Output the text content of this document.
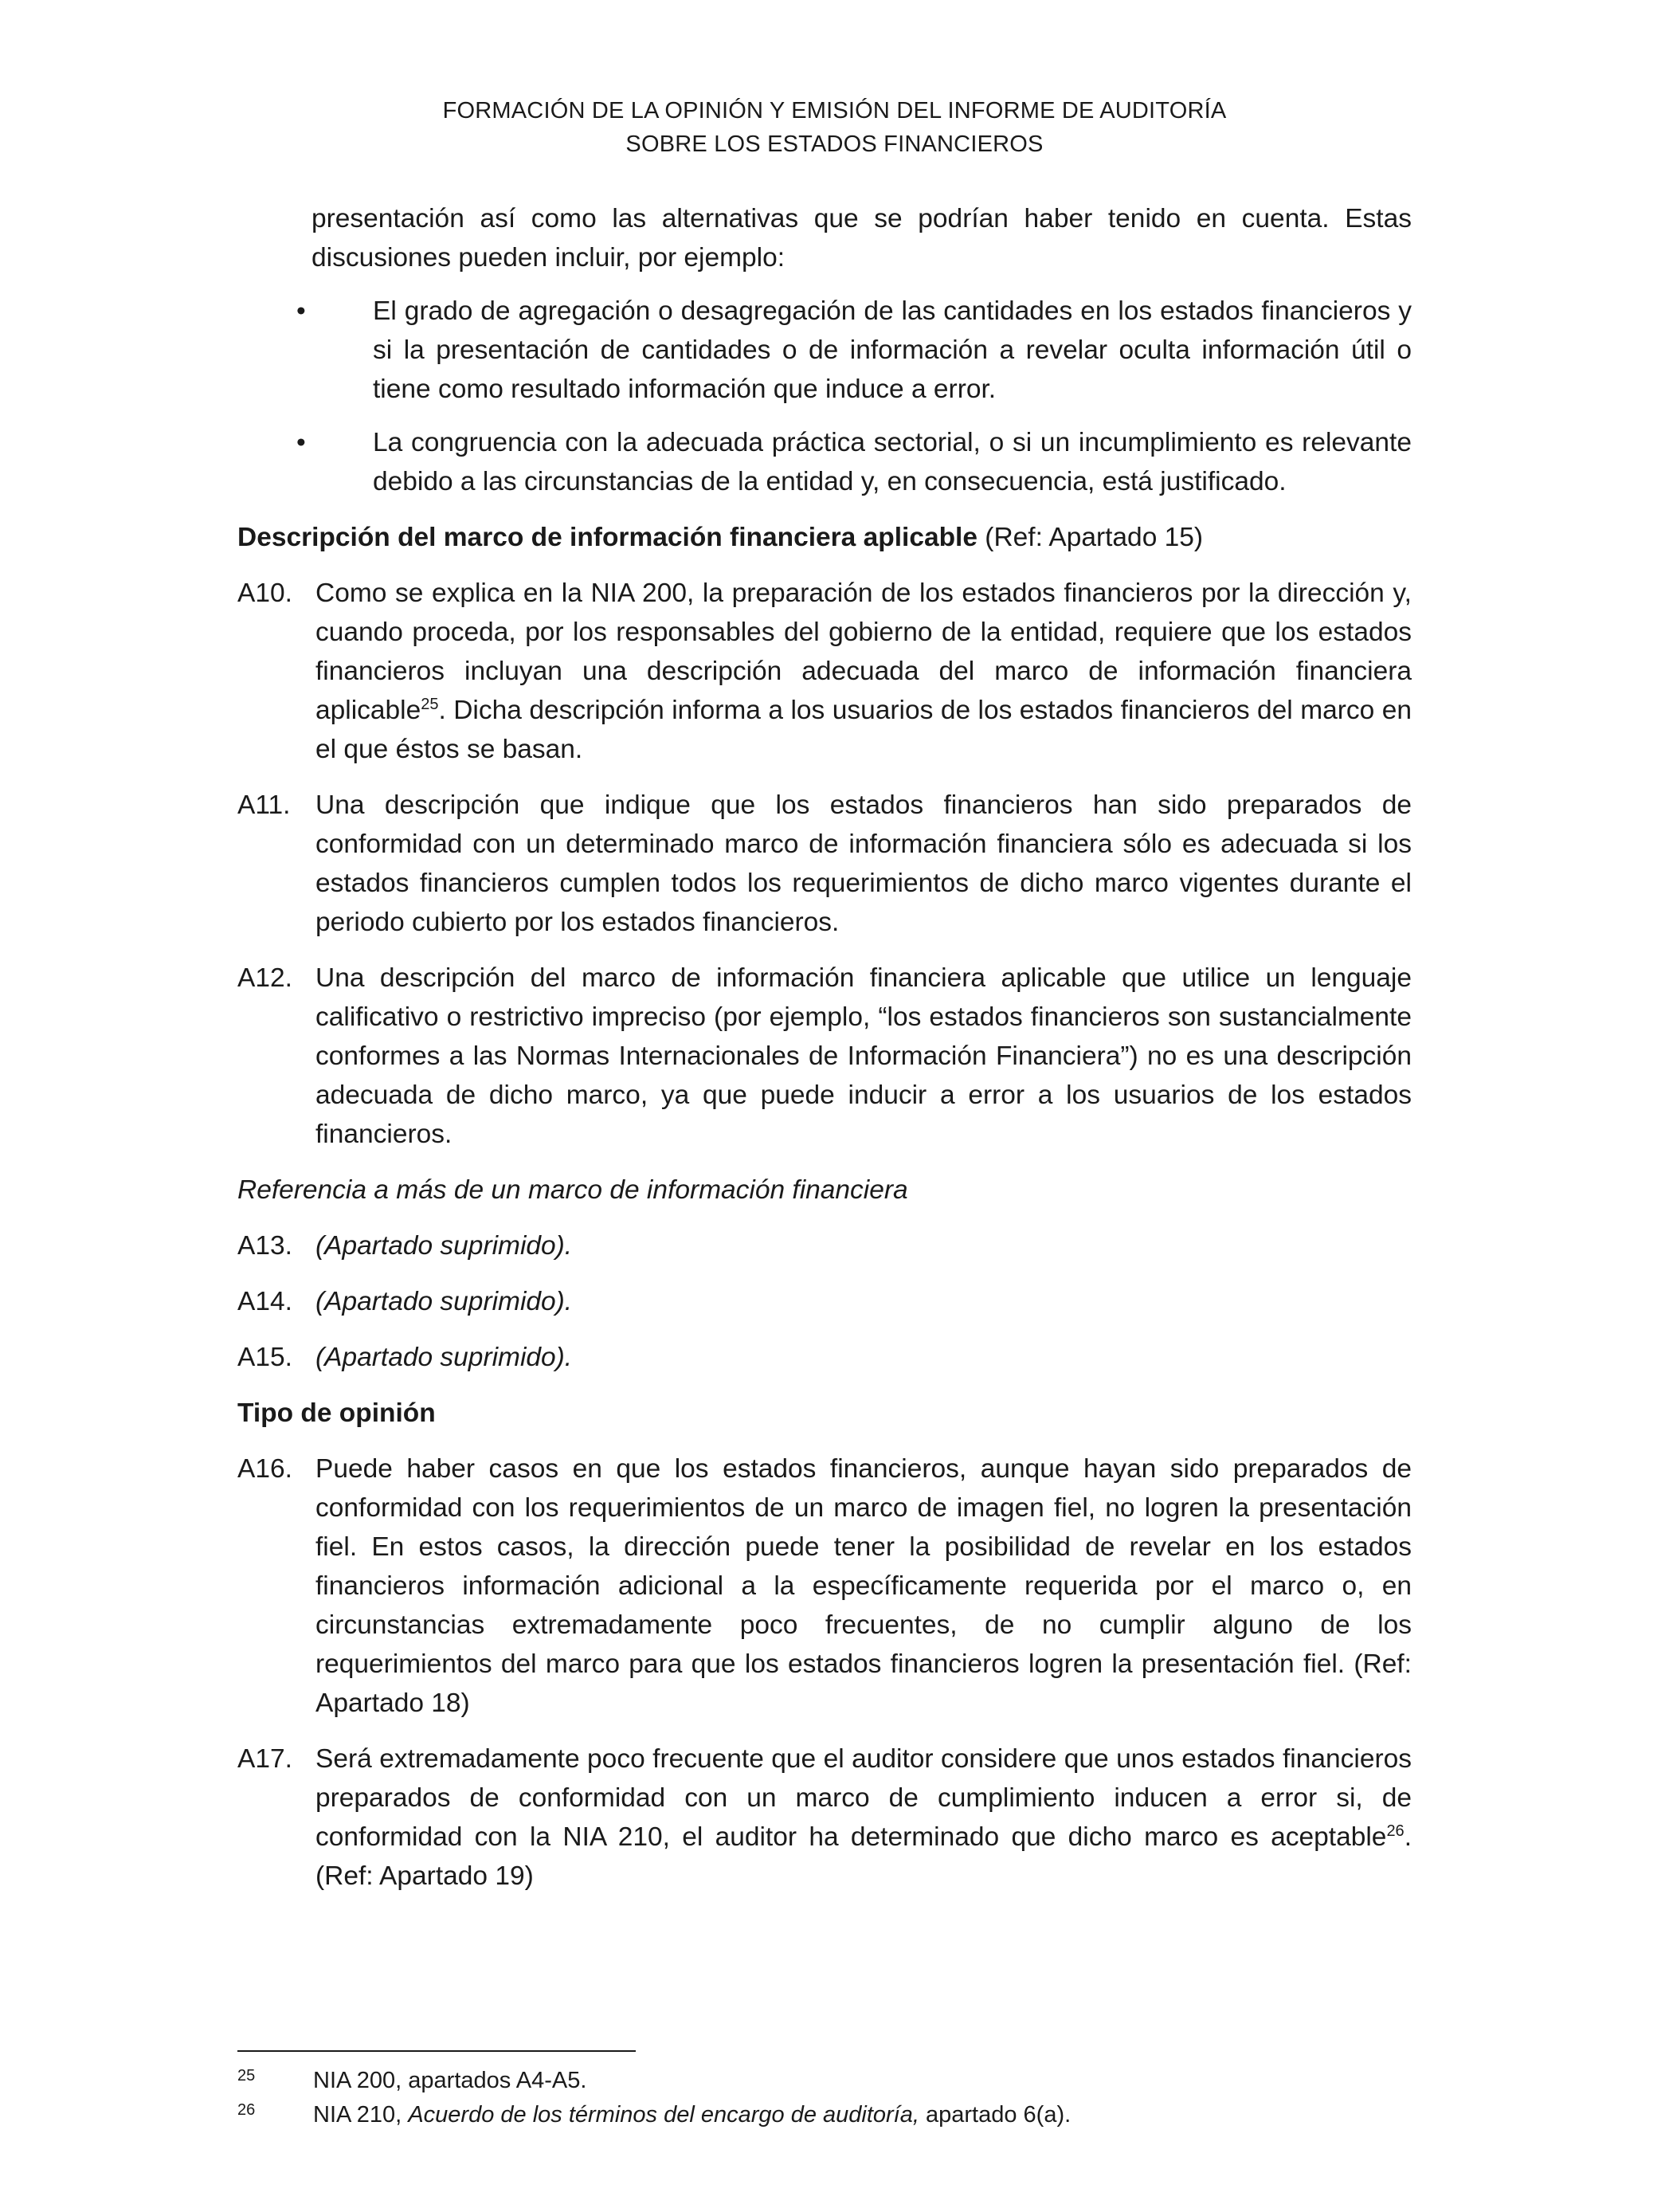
FORMACIÓN DE LA OPINIÓN Y EMISIÓN DEL INFORME DE AUDITORÍA
SOBRE LOS ESTADOS FINANCIEROS

presentación así como las alternativas que se podrían haber tenido en cuenta. Estas discusiones pueden incluir, por ejemplo:

•	El grado de agregación o desagregación de las cantidades en los estados financieros y si la presentación de cantidades o de información a revelar oculta información útil o tiene como resultado información que induce a error.
•	La congruencia con la adecuada práctica sectorial, o si un incumplimiento es relevante debido a las circunstancias de la entidad y, en consecuencia, está justificado.

Descripción del marco de información financiera aplicable (Ref: Apartado 15)

A10. Como se explica en la NIA 200, la preparación de los estados financieros por la dirección y, cuando proceda, por los responsables del gobierno de la entidad, requiere que los estados financieros incluyan una descripción adecuada del marco de información financiera aplicable$^{25}$. Dicha descripción informa a los usuarios de los estados financieros del marco en el que éstos se basan.
A11. Una descripción que indique que los estados financieros han sido preparados de conformidad con un determinado marco de información financiera sólo es adecuada si los estados financieros cumplen todos los requerimientos de dicho marco vigentes durante el periodo cubierto por los estados financieros.
A12. Una descripción del marco de información financiera aplicable que utilice un lenguaje calificativo o restrictivo impreciso (por ejemplo, “los estados financieros son sustancialmente conformes a las Normas Internacionales de Información Financiera”) no es una descripción adecuada de dicho marco, ya que puede inducir a error a los usuarios de los estados financieros.

Referencia a más de un marco de información financiera

A13. (Apartado suprimido).
A14. (Apartado suprimido).
A15. (Apartado suprimido).

Tipo de opinión

A16. Puede haber casos en que los estados financieros, aunque hayan sido preparados de conformidad con los requerimientos de un marco de imagen fiel, no logren la presentación fiel. En estos casos, la dirección puede tener la posibilidad de revelar en los estados financieros información adicional a la específicamente requerida por el marco o, en circunstancias extremadamente poco frecuentes, de no cumplir alguno de los requerimientos del marco para que los estados financieros logren la presentación fiel. (Ref: Apartado 18)
A17. Será extremadamente poco frecuente que el auditor considere que unos estados financieros preparados de conformidad con un marco de cumplimiento inducen a error si, de conformidad con la NIA 210, el auditor ha determinado que dicho marco es aceptable$^{26}$. (Ref: Apartado 19)
25	NIA 200, apartados A4-A5.
26	NIA 210, Acuerdo de los términos del encargo de auditoría, apartado 6(a).
